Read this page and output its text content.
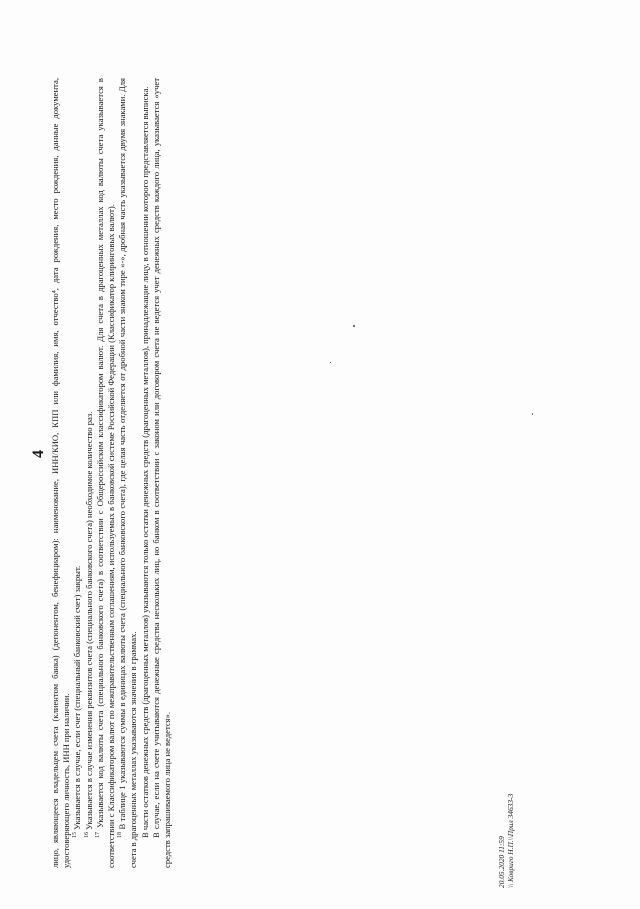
4 лицо, являющееся владельцем счета (клиентом банка) (депонентом, бенефициаром): наименование, ИНН/КИО, КПП или фамилия, имя, отчество⁴, дата рождения, место рождения, данные документа, удостоверяющего личность, ИНН при наличии. $^{15}$ Указывается в случае, если счет (специальный банковский счет) закрыт.

$^{16}$ Указывается в случае изменения реквизитов счета (специального банковского счета) необходимое количество раз.

$^{17}$ Указывается код валюты счета (специального банковского счета) в соответствии с Общероссийским классификатором валют. Для счета в драгоценных металлах код валюты счета указывается в соответствии с Классификатором валют по межправительственным соглашениям, используемых в банковской системе Российской Федерации (Классификатор клиринговых валют). $^{18}$ В таблице 1 указываются суммы в единицах валюты счета (специального банковского счета), где целая часть отделяется от дробной части знаком тире «-», дробная часть указывается двумя знаками. Для счета в драгоценных металлах указываются значения в граммах. В части остатков денежных средств (драгоценных металлов) указываются только остатки денежных средств (драгоценных металлов), принадлежащие лицу, в отношении которого представляется выписка. В случае, если на счете учитываются денежные средства нескольких лиц, но банком в соответствии с законом или договором счета не ведется учет денежных средств каждого лица, указывается «учет средств запрашиваемого лица не ведется».	20.05.2020 11:59 \\ Ковриго Н.П.\\Прил 34633-3
